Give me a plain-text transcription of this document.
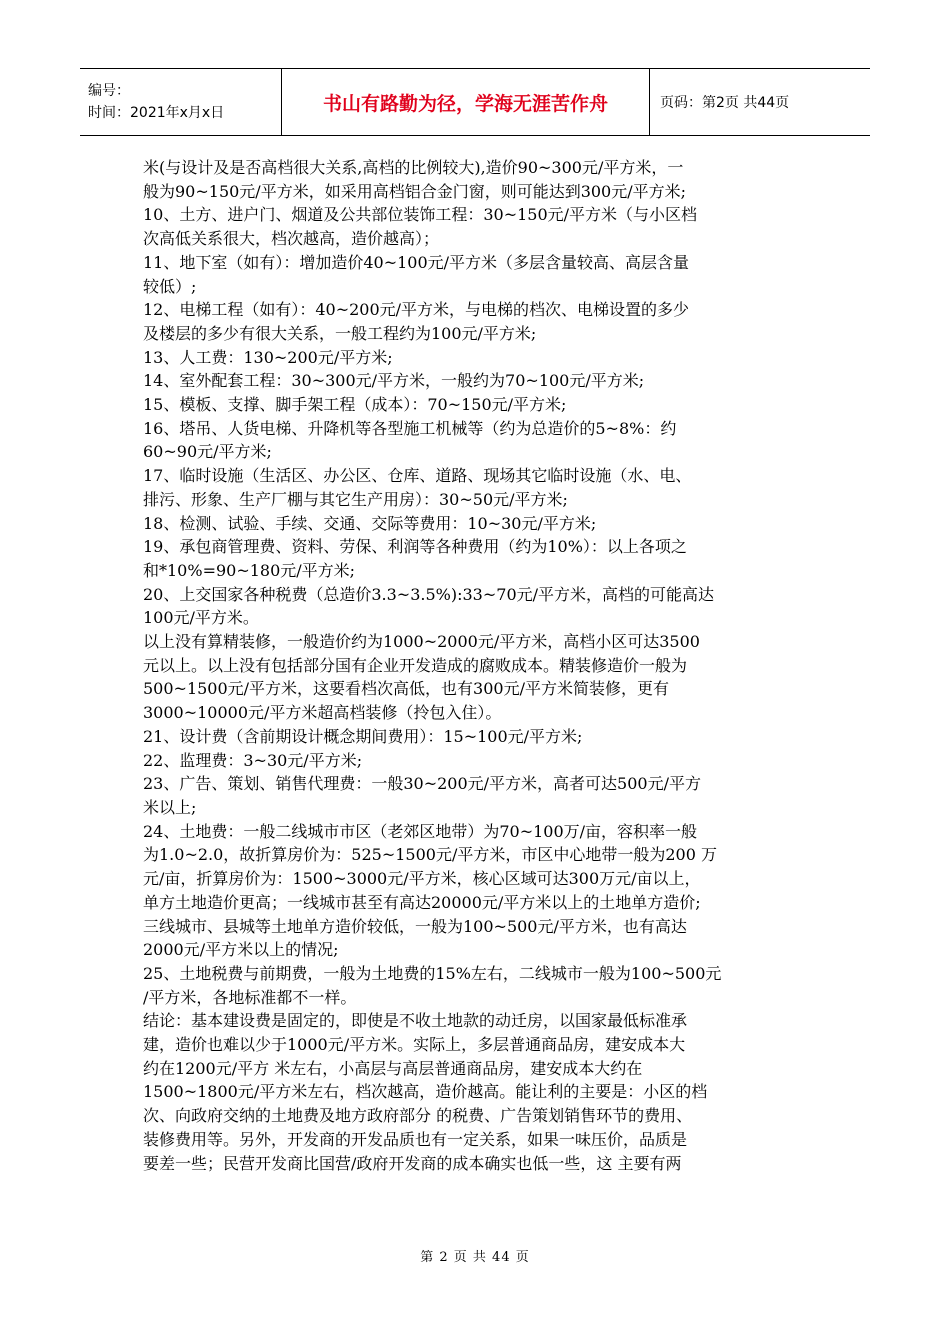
编号：
时间：2021年x月x日	书山有路勤为径，学海无涯苦作舟	页码：第2页 共44页

米(与设计及是否高档很大关系,高档的比例较大),造价90~300元/平方米，一

般为90~150元/平方米，如采用高档铝合金门窗，则可能达到300元/平方米;

10、土方、进户门、烟道及公共部位装饰工程：30~150元/平方米（与小区档

次高低关系很大，档次越高，造价越高）；

11、地下室（如有）：增加造价40~100元/平方米（多层含量较高、高层含量

较低）;

12、电梯工程（如有）：40~200元/平方米，与电梯的档次、电梯设置的多少

及楼层的多少有很大关系，一般工程约为100元/平方米;

13、人工费：130~200元/平方米;

14、室外配套工程：30~300元/平方米，一般约为70~100元/平方米;

15、模板、支撑、脚手架工程（成本）：70~150元/平方米;

16、塔吊、人货电梯、升降机等各型施工机械等（约为总造价的5~8%：约

60~90元/平方米;

17、临时设施（生活区、办公区、仓库、道路、现场其它临时设施（水、电、

排污、形象、生产厂棚与其它生产用房）：30~50元/平方米;

18、检测、试验、手续、交通、交际等费用：10~30元/平方米;

19、承包商管理费、资料、劳保、利润等各种费用（约为10%）：以上各项之

和*10%=90~180元/平方米;

20、上交国家各种税费（总造价3.3~3.5%):33~70元/平方米，高档的可能高达

100元/平方米。

以上没有算精装修，一般造价约为1000~2000元/平方米，高档小区可达3500

元以上。以上没有包括部分国有企业开发造成的腐败成本。精装修造价一般为

500~1500元/平方米，这要看档次高低，也有300元/平方米简装修，更有

3000~10000元/平方米超高档装修（拎包入住）。

21、设计费（含前期设计概念期间费用）：15~100元/平方米;

22、监理费：3~30元/平方米;

23、广告、策划、销售代理费：一般30~200元/平方米，高者可达500元/平方

米以上;

24、土地费：一般二线城市市区（老郊区地带）为70~100万/亩，容积率一般

为1.0~2.0，故折算房价为：525~1500元/平方米，市区中心地带一般为200 万

元/亩，折算房价为：1500~3000元/平方米，核心区域可达300万元/亩以上，

单方土地造价更高；一线城市甚至有高达20000元/平方米以上的土地单方造价;

三线城市、县城等土地单方造价较低，一般为100~500元/平方米，也有高达

2000元/平方米以上的情况;

25、土地税费与前期费，一般为土地费的15%左右，二线城市一般为100~500元

/平方米，各地标准都不一样。

结论：基本建设费是固定的，即使是不收土地款的动迁房，以国家最低标准承

建，造价也难以少于1000元/平方米。实际上，多层普通商品房，建安成本大

约在1200元/平方 米左右，小高层与高层普通商品房，建安成本大约在

1500~1800元/平方米左右，档次越高，造价越高。能让利的主要是：小区的档

次、向政府交纳的土地费及地方政府部分 的税费、广告策划销售环节的费用、

装修费用等。另外，开发商的开发品质也有一定关系，如果一味压价，品质是

要差一些；民营开发商比国营/政府开发商的成本确实也低一些，这 主要有两

第 2 页 共 44 页
